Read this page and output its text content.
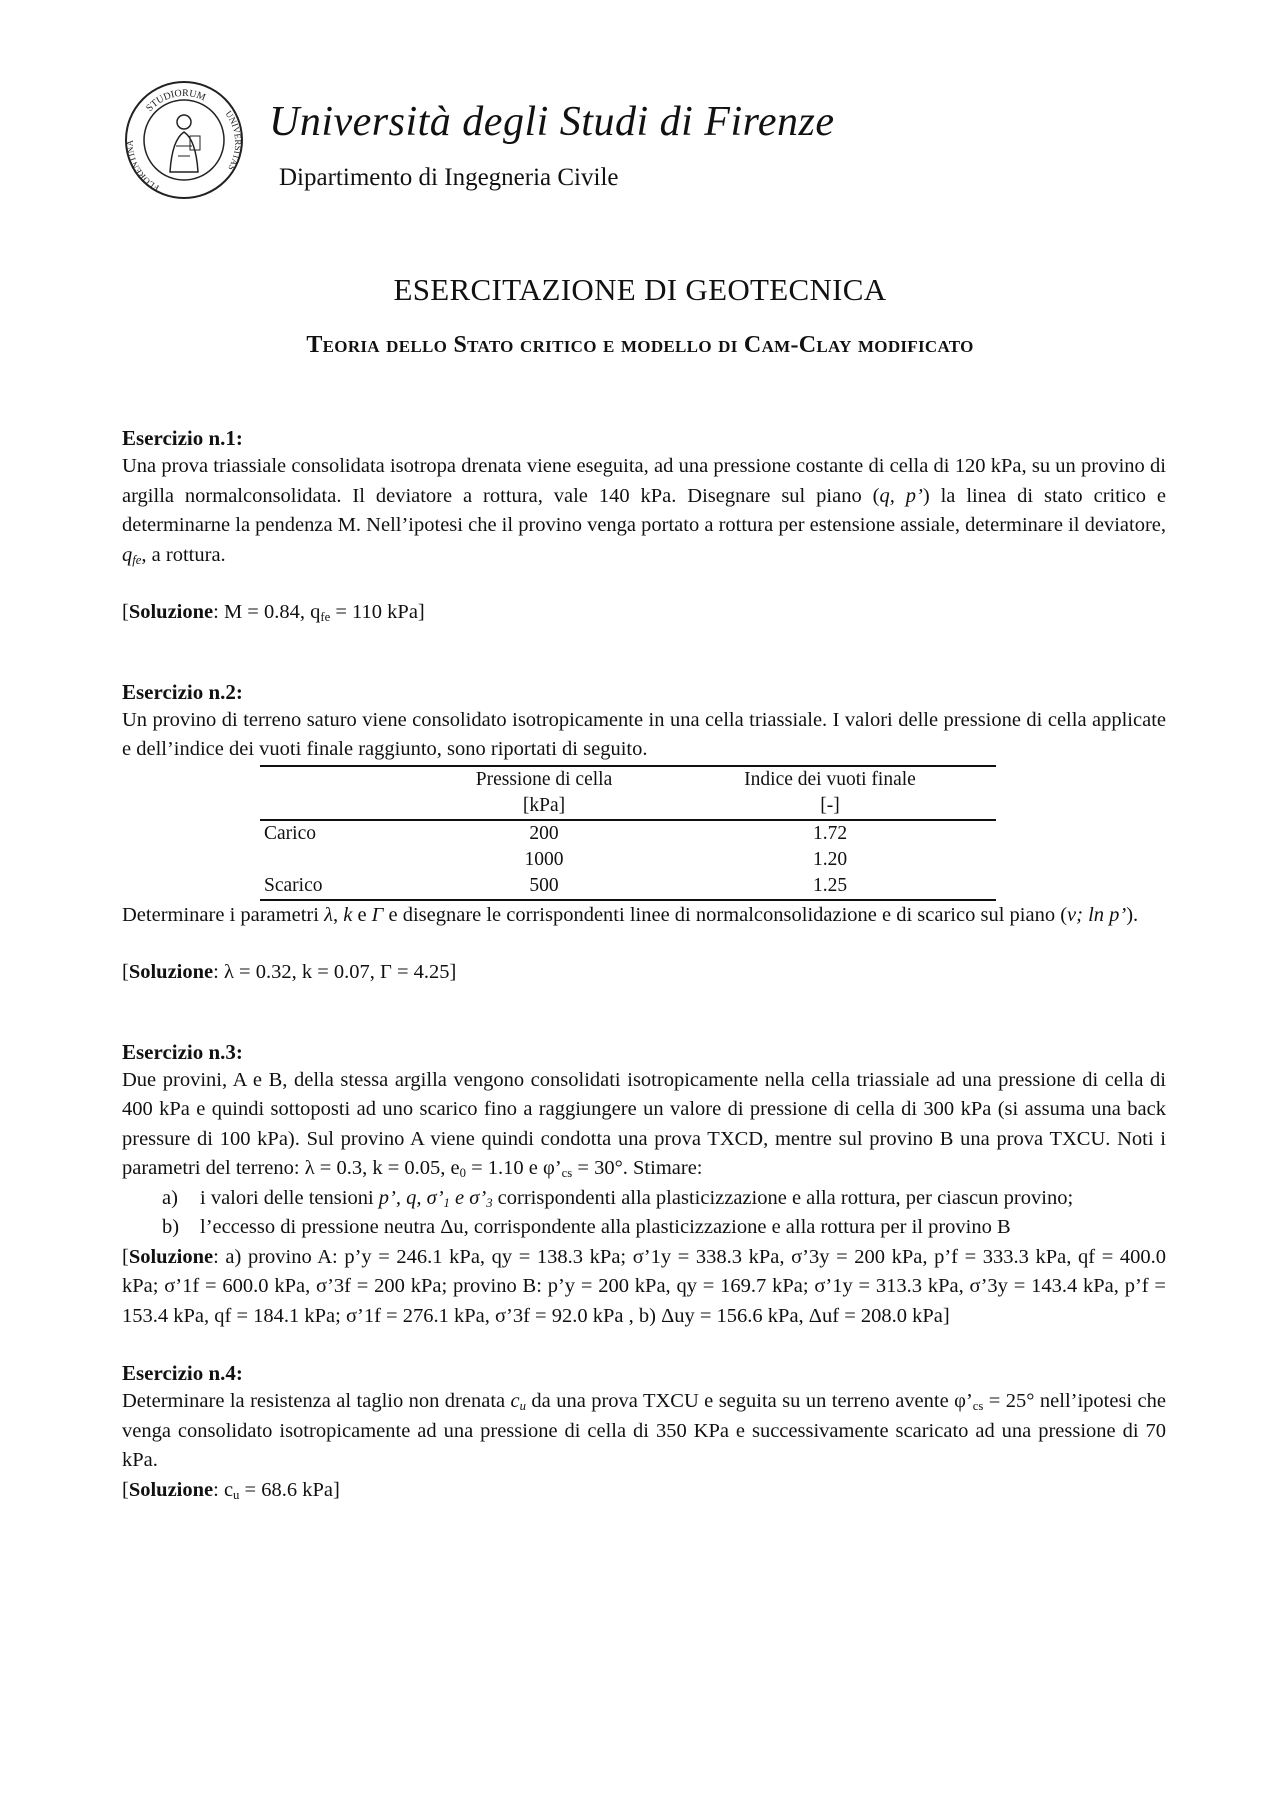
STUDIORUM
FLORENTINA
UNIVERSITAS
Università degli Studi di Firenze
Dipartimento di Ingegneria Civile
ESERCITAZIONE DI GEOTECNICA
Teoria dello Stato critico e modello di Cam-Clay modificato
Esercizio n.1:
Una prova triassiale consolidata isotropa drenata viene eseguita, ad una pressione costante di cella di 120 kPa, su un provino di argilla normalconsolidata. Il deviatore a rottura, vale 140 kPa. Disegnare sul piano (q, p’) la linea di stato critico e determinarne la pendenza M. Nell’ipotesi che il provino venga portato a rottura per estensione assiale, determinare il deviatore, $q_{fe}$, a rottura.
[Soluzione: M = 0.84, $q_{fe} = 110$ kPa]
Esercizio n.2:
Un provino di terreno saturo viene consolidato isotropicamente in una cella triassiale. I valori delle pressione di cella applicate e dell’indice dei vuoti finale raggiunto, sono riportati di seguito.
	Pressione di cella	Indice dei vuoti finale
	[kPa]	[-]
Carico	200	1.72
	1000	1.20
Scarico	500	1.25
Determinare i parametri λ, k e Γ e disegnare le corrispondenti linee di normalconsolidazione e di scarico sul piano (v; ln p’).
[Soluzione: λ = 0.32, k = 0.07, Γ = 4.25]
Esercizio n.3:
Due provini, A e B, della stessa argilla vengono consolidati isotropicamente nella cella triassiale ad una pressione di cella di 400 kPa e quindi sottoposti ad uno scarico fino a raggiungere un valore di pressione di cella di 300 kPa (si assuma una back pressure di 100 kPa). Sul provino A viene quindi condotta una prova TXCD, mentre sul provino B una prova TXCU. Noti i parametri del terreno: λ = 0.3, k = 0.05, $e_0 = 1.10$ e $\varphi’_{cs} = 30^\circ$. Stimare:
a) i valori delle tensioni p’, q, $\sigma’_1$ e $\sigma’_3$ corrispondenti alla plasticizzazione e alla rottura, per ciascun provino;
b) l’eccesso di pressione neutra Δu, corrispondente alla plasticizzazione e alla rottura per il provino B
[Soluzione: a) provino A: p’y = 246.1 kPa, qy = 138.3 kPa; σ’1y = 338.3 kPa, σ’3y = 200 kPa, p’f = 333.3 kPa, qf = 400.0 kPa; σ’1f = 600.0 kPa, σ’3f = 200 kPa; provino B: p’y = 200 kPa, qy = 169.7 kPa; σ’1y = 313.3 kPa, σ’3y = 143.4 kPa, p’f = 153.4 kPa, qf = 184.1 kPa; σ’1f = 276.1 kPa, σ’3f = 92.0 kPa , b) Δuy = 156.6 kPa, Δuf = 208.0 kPa]
Esercizio n.4:
Determinare la resistenza al taglio non drenata $c_u$ da una prova TXCU e seguita su un terreno avente $\varphi’_{cs} = 25^\circ$ nell’ipotesi che venga consolidato isotropicamente ad una pressione di cella di 350 KPa e successivamente scaricato ad una pressione di 70 kPa.
[Soluzione: $c_u = 68.6$ kPa]
